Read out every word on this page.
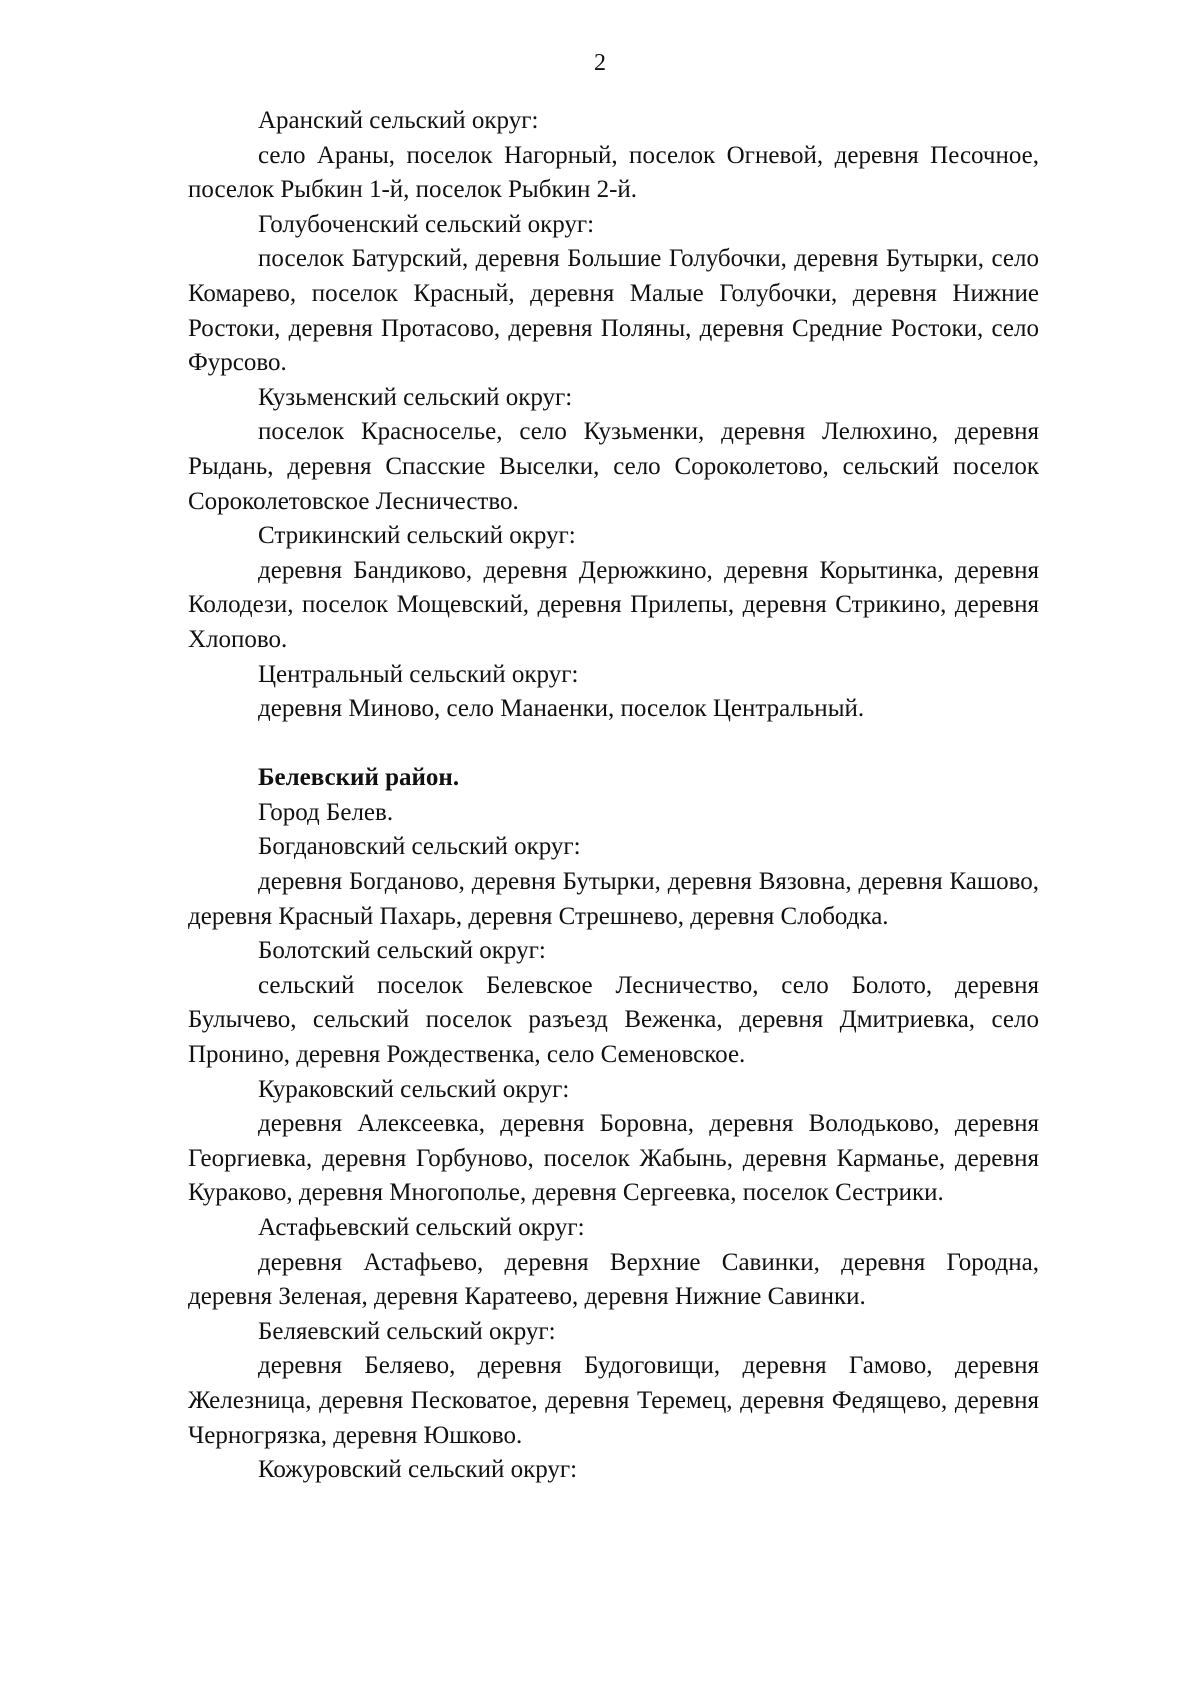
2

Аранский сельский округ:

село Араны, поселок Нагорный, поселок Огневой, деревня Песочное, поселок Рыбкин 1-й, поселок Рыбкин 2-й.

Голубоченский сельский округ:

поселок Батурский, деревня Большие Голубочки, деревня Бутырки, село Комарево, поселок Красный, деревня Малые Голубочки, деревня Нижние Ростоки, деревня Протасово, деревня Поляны, деревня Средние Ростоки, село Фурсово.

Кузьменский сельский округ:

поселок Красноселье, село Кузьменки, деревня Лелюхино, деревня Рыдань, деревня Спасские Выселки, село Сороколетово, сельский поселок Сороколетовское Лесничество.

Стрикинский сельский округ:

деревня Бандиково, деревня Дерюжкино, деревня Корытинка, деревня Колодези, поселок Мощевский, деревня Прилепы, деревня Стрикино, деревня Хлопово.

Центральный сельский округ:

деревня Миново, село Манаенки, поселок Центральный.

Белевский район.

Город Белев.

Богдановский сельский округ:

деревня Богданово, деревня Бутырки, деревня Вязовна, деревня Кашово, деревня Красный Пахарь, деревня Стрешнево, деревня Слободка.

Болотский сельский округ:

сельский поселок Белевское Лесничество, село Болото, деревня Булычево, сельский поселок разъезд Веженка, деревня Дмитриевка, село Пронино, деревня Рождественка, село Семеновское.

Кураковский сельский округ:

деревня Алексеевка, деревня Боровна, деревня Володьково, деревня Георгиевка, деревня Горбуново, поселок Жабынь, деревня Карманье, деревня Кураково, деревня Многополье, деревня Сергеевка, поселок Сестрики.

Астафьевский сельский округ:

деревня Астафьево, деревня Верхние Савинки, деревня Городна, деревня Зеленая, деревня Каратеево, деревня Нижние Савинки.

Беляевский сельский округ:

деревня Беляево, деревня Будоговищи, деревня Гамово, деревня Железница, деревня Песковатое, деревня Теремец, деревня Федящево, деревня Черногрязка, деревня Юшково.

Кожуровский сельский округ:
